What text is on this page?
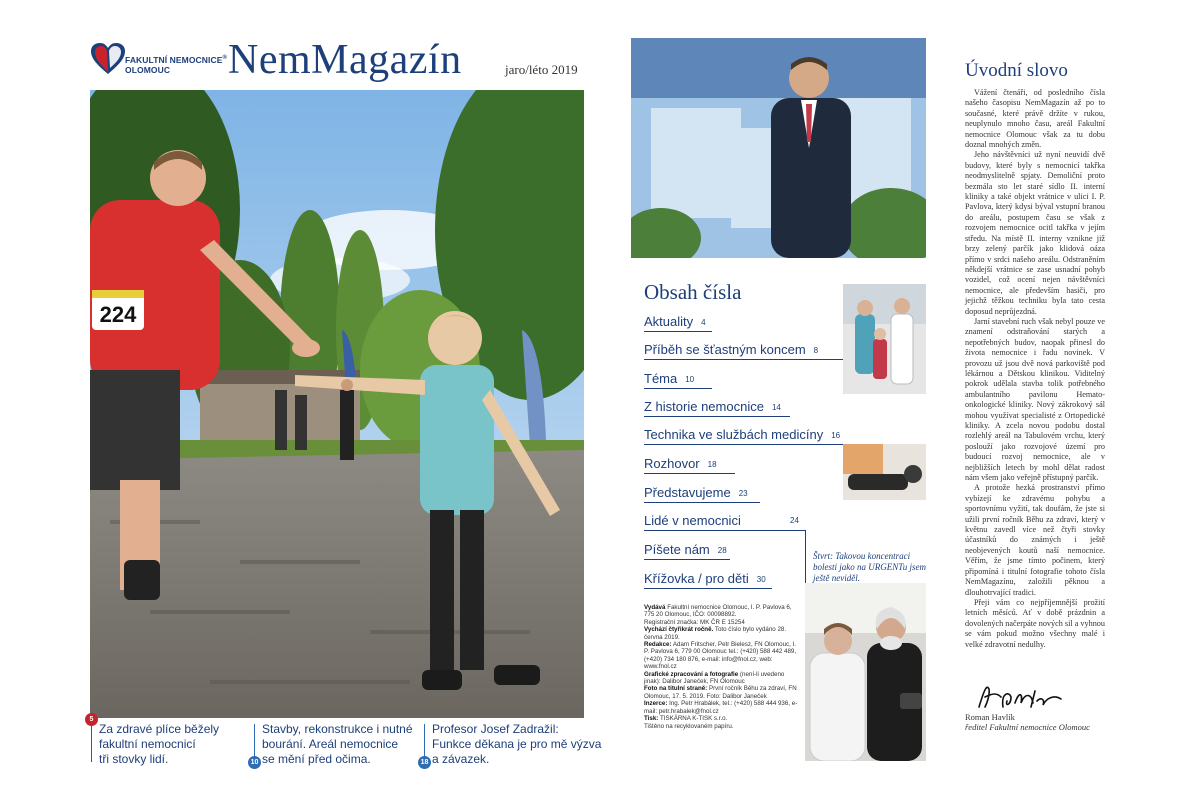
FAKULTNÍ NEMOCNICE®
OLOMOUC	NemMagazín	jaro/léto 2019
224
5
Za zdravé plíce běžely
fakultní nemocnicí
tři stovky lidí.	10
Stavby, rekonstrukce i nutné
bourání. Areál nemocnice
se mění před očima.	18
Profesor Josef Zadražil:
Funkce děkana je pro mě výzva
a závazek.
Obsah čísla
Aktuality 4
Příběh se šťastným koncem 8
Téma 10
Z historie nemocnice 14
Technika ve službách medicíny 16
Rozhovor 18
Představujeme 23
Lidé v nemocnici	24
Píšete nám 28
Křížovka / pro děti 30
Štvrt: Takovou koncentraci bolesti jako na URGENTu jsem ještě neviděl.
Vydává Fakultní nemocnice Olomouc, I. P. Pavlova 6, 775 20 Olomouc, IČO: 00098892.
Registrační značka: MK ČR E 15254
Vychází čtyřikrát ročně. Toto číslo bylo vydáno 28. června 2019.
Redakce: Adam Fritscher, Petr Bielesz, FN Olomouc, I. P. Pavlova 6, 779 00 Olomouc tel.: (+420) 588 442 489, (+420) 734 180 876, e-mail: info@fnol.cz, web: www.fnol.cz
Grafické zpracování a fotografie (není-li uvedeno jinak): Dalibor Janeček, FN Olomouc
Foto na titulní straně: První ročník Běhu za zdraví, FN Olomouc, 17. 5. 2019. Foto: Dalibor Janeček
Inzerce: Ing. Petr Hrabálek, tel.: (+420) 588 444 936, e-mail: petr.hrabalek@fnol.cz
Tisk: TISKÁRNA K-TISK s.r.o.
Tištěno na recyklovaném papíru.
Úvodní slovo

Vážení čtenáři, od posledního čísla našeho časopisu NemMagazín až po to současné, které právě držíte v rukou, neuplynulo mnoho času, areál Fakultní nemocnice Olomouc však za tu dobu doznal mnohých změn.

Jeho návštěvníci už nyní neuvidí dvě budovy, které byly s nemocnicí takřka neodmyslitelně spjaty. Demoliční proto bezmála sto let staré sídlo II. interní kliniky a také objekt vrátnice v ulici I. P. Pavlova, který kdysi býval vstupní branou do areálu, postupem času se však z rozvojem nemocnice ocitl takřka v jejím středu. Na místě II. interny vznikne již brzy zelený parčík jako klidová oáza přímo v srdci našeho areálu. Odstraněním někdejší vrátnice se zase usnadní pohyb vozidel, což ocení nejen návštěvníci nemocnice, ale především hasiči, pro jejichž těžkou techniku byla tato cesta doposud neprůjezdná.

Jarní stavební ruch však nebyl pouze ve znamení odstraňování starých a nepotřebných budov, naopak přinesl do života nemocnice i řadu novinek. V provozu už jsou dvě nová parkoviště pod lékárnou a Dětskou klinikou. Viditelný pokrok udělala stavba tolik potřebného ambulantního pavilonu Hemato-onkologické kliniky. Nový zákrokový sál mohou využívat specialisté z Ortopedické kliniky. A zcela novou podobu dostal rozlehlý areál na Tabulovém vrchu, který poslouží jako rozvojové území pro budoucí rozvoj nemocnice, ale v nejbližších letech by mohl dělat radost nám všem jako veřejně přístupný parčík.

A protože hezká prostranství přímo vybízejí ke zdravému pohybu a sportovnímu vyžití, tak doufám, že jste si užili první ročník Běhu za zdraví, který v květnu zavedl více než čtyři stovky účastníků do známých i ještě neobjevených koutů naší nemocnice. Věřím, že jsme tímto počinem, který připomíná i titulní fotografie tohoto čísla NemMagazínu, založili pěknou a dlouhotrvající tradici.

Přeji vám co nejpříjemnější prožití letních měsíců. Ať v době prázdnin a dovolených načerpáte nových sil a vyhnou se vám pokud možno všechny malé i velké zdravotní nedulhy.

Roman Havlík
ředitel Fakultní nemocnice Olomouc
